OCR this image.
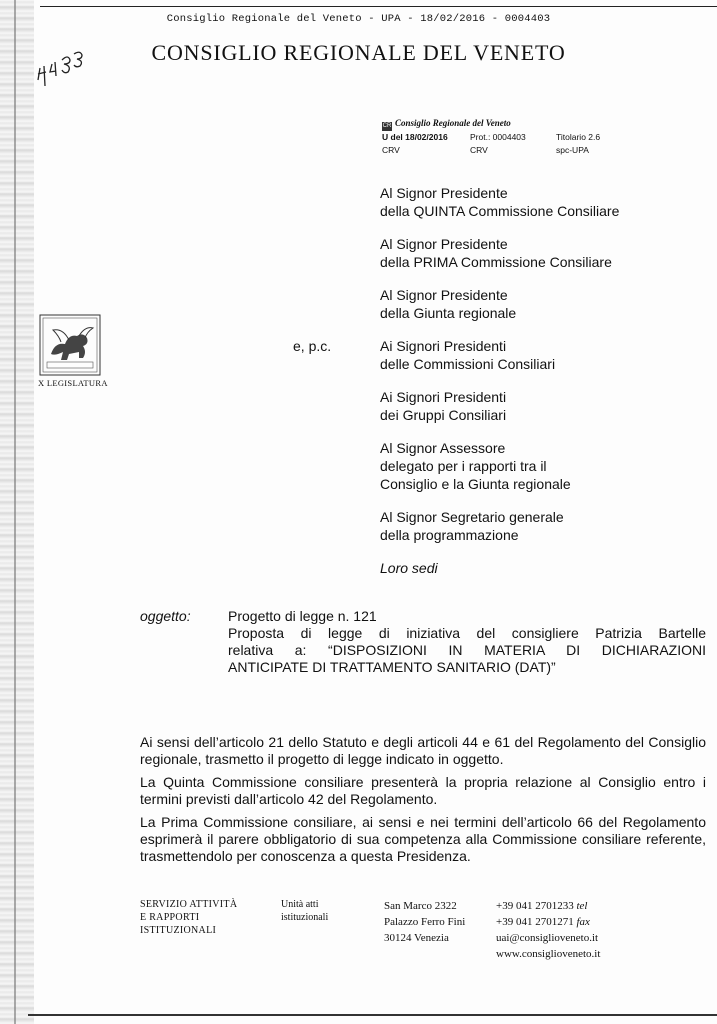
Consiglio Regionale del Veneto - UPA - 18/02/2016 - 0004403
CONSIGLIO REGIONALE DEL VENETO
CR Consiglio Regionale del Veneto
U del 18/02/2016	Prot.: 0004403	Titolario 2.6
CRV	CRV	spc-UPA
X LEGISLATURA
e, p.c.
Al Signor Presidente
della QUINTA Commissione Consiliare
Al Signor Presidente
della PRIMA Commissione Consiliare
Al Signor Presidente
della Giunta regionale
Ai Signori Presidenti
delle Commissioni Consiliari
Ai Signori Presidenti
dei Gruppi Consiliari
Al Signor Assessore
delegato per i rapporti tra il
Consiglio e la Giunta regionale
Al Signor Segretario generale
della programmazione
Loro sedi
oggetto:	Progetto di legge n. 121
Proposta di legge di iniziativa del consigliere Patrizia Bartelle
relativa a: “DISPOSIZIONI IN MATERIA DI DICHIARAZIONI
ANTICIPATE DI TRATTAMENTO SANITARIO (DAT)”

Ai sensi dell’articolo 21 dello Statuto e degli articoli 44 e 61 del Regolamento del Consiglio regionale, trasmetto il progetto di legge indicato in oggetto.

La Quinta Commissione consiliare presenterà la propria relazione al Consiglio entro i termini previsti dall’articolo 42 del Regolamento.

La Prima Commissione consiliare, ai sensi e nei termini dell’articolo 66 del Regolamento esprimerà il parere obbligatorio di sua competenza alla Commissione consiliare referente, trasmettendolo per conoscenza a questa Presidenza.

SERVIZIO ATTIVITÀ
E RAPPORTI
ISTITUZIONALI
Unità atti
istituzionali
San Marco 2322
Palazzo Ferro Fini
30124 Venezia
+39 041 2701233 tel
+39 041 2701271 fax
uai@consiglioveneto.it
www.consiglioveneto.it
